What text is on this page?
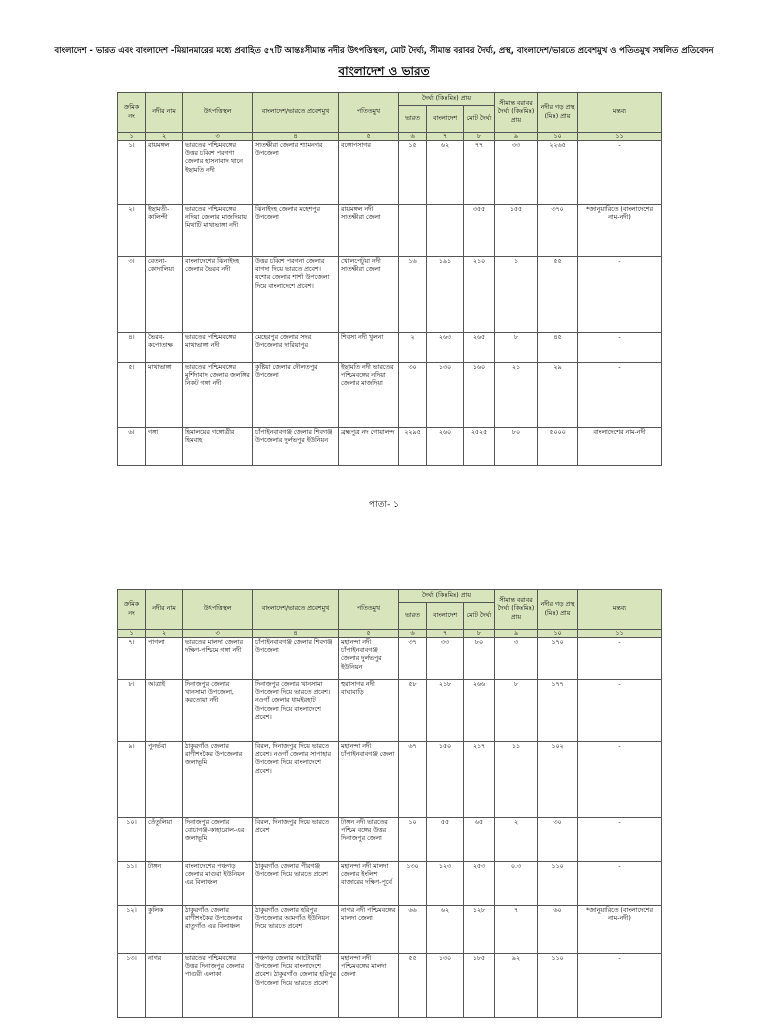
বাংলাদেশ - ভারত এবং বাংলাদেশ -মিয়ানমারের মধ্যে প্রবাহিত ৫৭টি আন্তঃসীমান্ত নদীর উৎপত্তিস্থল, মোট দৈর্ঘ্য, সীমান্ত বরাবর দৈর্ঘ্য, প্রস্থ, বাংলাদেশ/ভারতে প্রবেশমুখ ও পতিতমুখ সম্বলিত প্রতিবেদন
বাংলাদেশ ও ভারত
ক্রমিক নং	নদীর নাম	উৎপত্তিস্থল	বাংলাদেশ/ভারতে প্রবেশমুখ	পতিতমুখ	দৈর্ঘ্য (কিঃমিঃ) প্রায়			সীমান্ত বরাবর দৈর্ঘ্য (কিঃমিঃ) প্রায়	নদীর গড় প্রস্থ (মিঃ) প্রায়	মন্তব্য
					ভারত	বাংলাদেশ	মোট দৈর্ঘ্য			
১	২	৩	৪	৫	৬	৭	৮	৯	১০	১১
১।	রায়মঙ্গল	ভারতের পশ্চিমবঙ্গের উত্তর চব্বিশ পরগণা জেলার হাসনাবাদ থানে ইছামতি নদী	সাতক্ষীরা জেলার শ্যামনগর উপজেলা	বঙ্গোপসাগর	১৫	৬২	৭৭	৩৩	২২৬৫	-
২।	ইছামতী-কালিন্দী	ভারতের পশ্চিমবঙ্গের নদিয়া জেলার মাজদিয়ায় মিথাটি মাথাভাঙ্গা নদী	ঝিনাইদহ জেলার মহেশপুর উপজেলা	রায়মঙ্গল নদী সাতক্ষীরা জেলা			৩৫৫	১৫৫	৩৭০	*জানুয়ারিতে (বাংলাদেশের নাম-নদী)
৩।	বেতনা-কোদালিয়া	বাংলাদেশের ঝিনাইদহ জেলার ভৈরব নদী	উত্তর চব্বিশ পরগনা জেলার বাগদা দিয়ে ভারতে প্রবেশ। যশোর জেলার শার্শা উপজেলা দিয়ে বাংলাদেশে প্রবেশ।	খোলপেটুয়া নদী সাতক্ষীরা জেলা	১৬	১৯১	২১০	১	৫৫	-
৪।	ভৈরব-কপোতাক্ষ	ভারতের পশ্চিমবঙ্গের মাথাভাঙ্গা নদী	মেহেরপুর জেলার সদর উপজেলার দারিয়াপুর	শিবসা নদী খুলনা	২	২৬৩	২৬৫	৮	৪৫	-
৫।	মাথাভাঙ্গা	ভারতের পশ্চিমবঙ্গের মুর্শিদাবাদ জেলার জলঙ্গির নিকট গঙ্গা নদী	কুষ্টিয়া জেলার দৌলতপুর উপজেলা	ইছামতি নদী ভারতের পশ্চিমবঙ্গের নদিয়া জেলার মাজদিয়া	৩০	১৩০	১৬০	২১	২৯	-
৬।	গঙ্গা	হিমালয়ের গঙ্গোত্রীর হিমবাহ	চাঁপাইনবাবগঞ্জ জেলার শিবগঞ্জ উপজেলার দুর্লভপুর ইউনিয়ন	ব্রহ্মপুত্র নদ গোয়ালন্দ	২২৯৫	২৬০	২৫২৫	৮০	৫০০০	বাংলাদেশের নাম-নদী
পাতা- ১
ক্রমিক নং	নদীর নাম	উৎপত্তিস্থল	বাংলাদেশ/ভারতে প্রবেশমুখ	পতিতমুখ	দৈর্ঘ্য (কিঃমিঃ) প্রায়			সীমান্ত বরাবর দৈর্ঘ্য (কিঃমিঃ) প্রায়	নদীর গড় প্রস্থ (মিঃ) প্রায়	মন্তব্য
					ভারত	বাংলাদেশ	মোট দৈর্ঘ্য			
১	২	৩	৪	৫	৬	৭	৮	৯	১০	১১
৭।	পাগলা	ভারতের মালদা জেলার দক্ষিণ-পশ্চিমে গঙ্গা নদী	চাঁপাইনবাবগঞ্জ জেলার শিবগঞ্জ উপজেলা	মহানন্দা নদী চাঁপাইনবাবগঞ্জ জেলার দুর্লভপুর ইউনিয়ন	৩৭	৩৩	৮০	৩	১৭০	-
৮।	আত্রাই	দিনাজপুর জেলার খানসামা উপজেলা, করতোয়া নদী	দিনাজপুর জেলার খানসামা উপজেলা দিয়ে ভারতে প্রবেশ। নওগাঁ জেলার ধামইরহাট উপজেলা দিয়ে বাংলাদেশে প্রবেশ।	হুরাসাগর নদী বাঘাবাড়ি	৫৮	২১৮	২৬৬	৮	১৭৭	-
৯।	পুনর্ভবা	ঠাকুরগাঁও জেলার রাণীশংকৈর উপজেলার জলাভূমি	বিরল, দিনাজপুর দিয়ে ভারতে প্রবেশ। নওগাঁ জেলার সাপাহার উপজেলা দিয়ে বাংলাদেশে প্রবেশ।	মহানন্দা নদী চাঁপাইনবাবগঞ্জ জেলা	৬৭	১৫০	২১৭	১১	১০২	-
১০।	তেঁতুলিয়া	দিনাজপুর জেলার বোচাগঞ্জ-কাহারোল-এর জলাভূমি	বিরল, দিনাজপুর দিয়ে ভারতে প্রবেশ	টাঙ্গন নদী ভারতের পশ্চিম বঙ্গের উত্তর দিনাজপুর জেলা	১০	৫৫	৬৫	২	৩০	-
১১।	টাঙ্গন	বাংলাদেশের পঞ্চগড় জেলার মাগুরা ইউনিয়ন এর বিলাঞ্চল	ঠাকুরগাঁও জেলার পীরগঞ্জ উপজেলা দিয়ে ভারতে প্রবেশ	মহানন্দা নদী মালদা জেলার ইংলিশ বাজারের দক্ষিণ-পূর্বে	১৩০	১২৩	২৫৩	০.৩	১১০	-
১২।	কুলিক	ঠাকুরগাঁও জেলার রাণীশংকৈর উপজেলার রাতুগাঁও এর বিলাঞ্চল	ঠাকুরগাঁও জেলার হরিপুর উপজেলার আমগাঁও ইউনিয়ন দিয়ে ভারতে প্রবেশ	নাগর নদী পশ্চিমবঙ্গের মালদা জেলা	৬৬	৬২	১২৮	৭	৬০	*জানুয়ারিতে (বাংলাদেশের নাম-নদী)
১৩।	নাগর	ভারতের পশ্চিমবঙ্গের উত্তর দিনাজপুর জেলার পাগুরী এলাকা	পঞ্চগড় জেলার আটোয়ারী উপজেলা দিয়ে বাংলাদেশে প্রবেশ। ঠাকুরগাঁও জেলার হরিপুর উপজেলা দিয়ে ভারতে প্রবেশ	মহানন্দা নদী পশ্চিমবঙ্গের মালদা জেলা	৫৫	১৩০	১৮৫	৯২	১১০	-
